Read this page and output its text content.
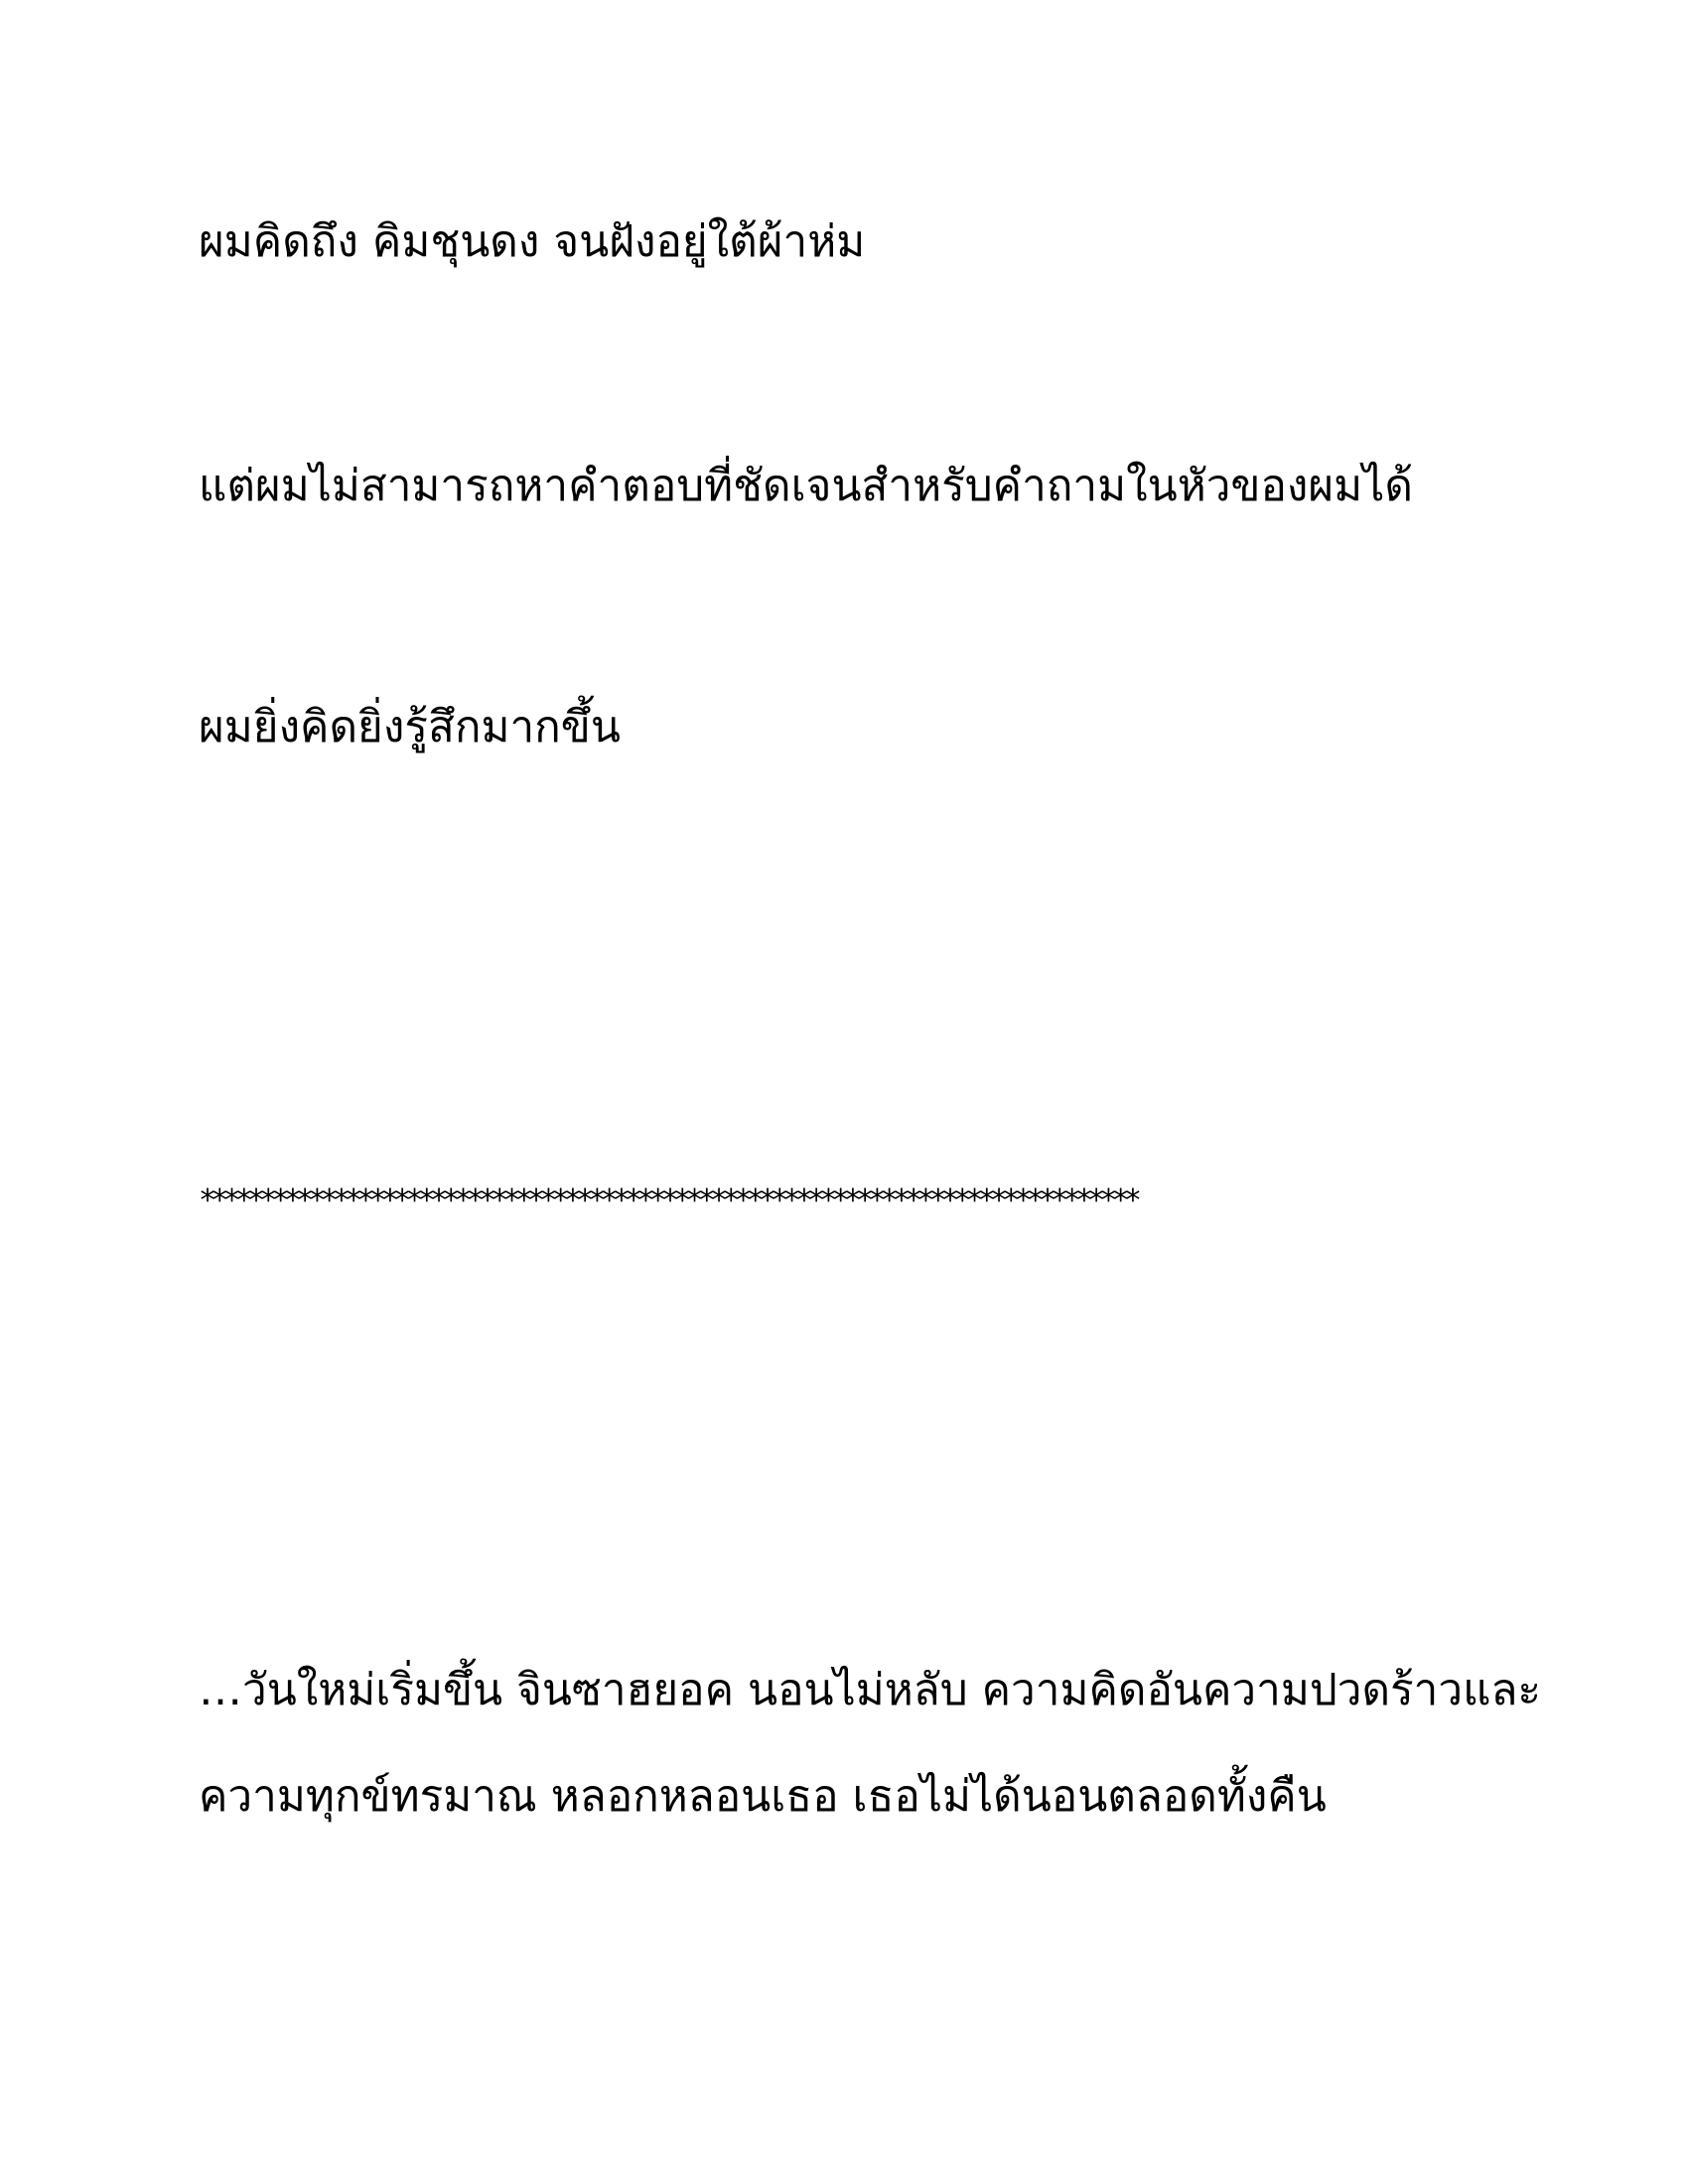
ผมคิดถึง คิมชุนดง จนฝังอยู่ใต้ผ้าห่ม
แต่ผมไม่สามารถหาคำตอบที่ชัดเจนสำหรับคำถามในหัวของผมได้
ผมยิ่งคิดยิ่งรู้สึกมากขึ้น
*****************************************************************************
…วันใหม่เริ่มขึ้น จินซาฮยอค นอนไม่หลับ ความคิดอันความปวดร้าวและ
ความทุกข์ทรมาณ หลอกหลอนเธอ เธอไม่ได้นอนตลอดทั้งคืน
